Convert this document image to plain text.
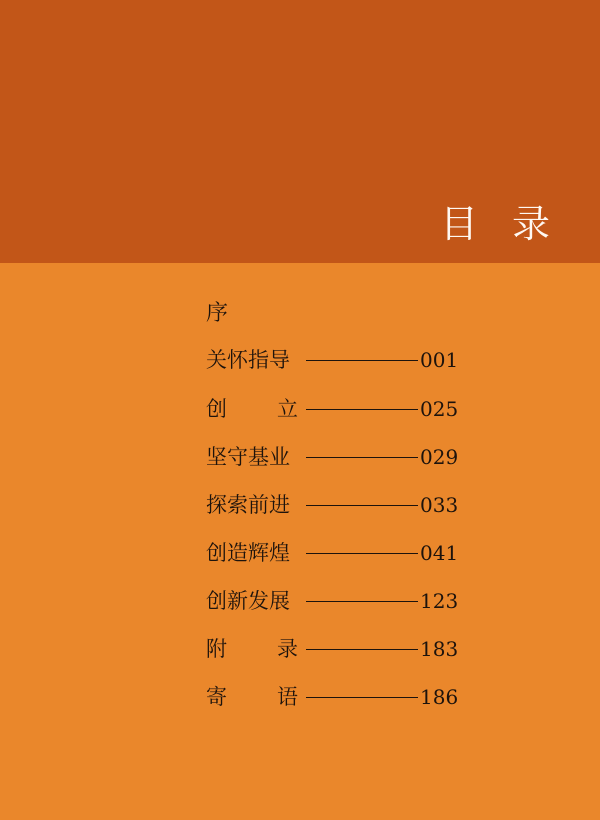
目 录
序
关怀指导	001
创 立	025
坚守基业	029
探索前进	033
创造辉煌	041
创新发展	123
附 录	183
寄 语	186
